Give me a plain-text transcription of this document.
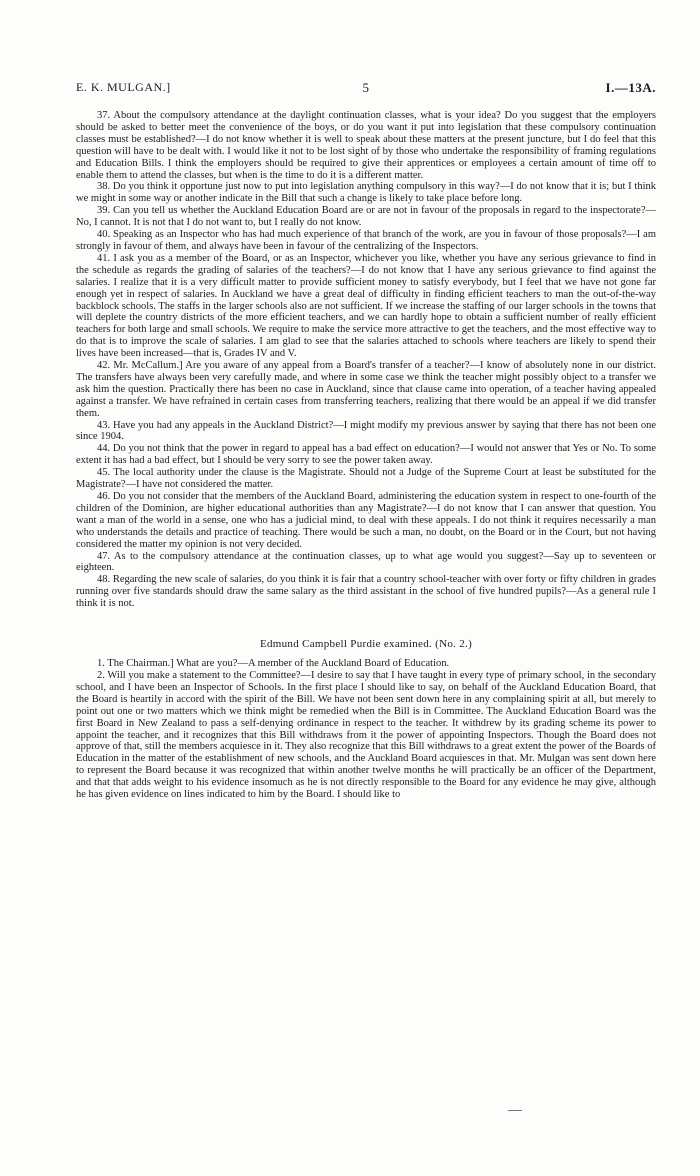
E. K. MULGAN.]	5	I.—13A.

37. About the compulsory attendance at the daylight continuation classes, what is your idea? Do you suggest that the employers should be asked to better meet the convenience of the boys, or do you want it put into legislation that these compulsory continuation classes must be established?—I do not know whether it is well to speak about these matters at the present juncture, but I do feel that this question will have to be dealt with. I would like it not to be lost sight of by those who undertake the responsibility of framing regulations and Education Bills. I think the employers should be required to give their apprentices or employees a certain amount of time off to enable them to attend the classes, but when is the time to do it is a different matter.

38. Do you think it opportune just now to put into legislation anything compulsory in this way?—I do not know that it is; but I think we might in some way or another indicate in the Bill that such a change is likely to take place before long.

39. Can you tell us whether the Auckland Education Board are or are not in favour of the proposals in regard to the inspectorate?—No, I cannot. It is not that I do not want to, but I really do not know.

40. Speaking as an Inspector who has had much experience of that branch of the work, are you in favour of those proposals?—I am strongly in favour of them, and always have been in favour of the centralizing of the Inspectors.

41. I ask you as a member of the Board, or as an Inspector, whichever you like, whether you have any serious grievance to find in the schedule as regards the grading of salaries of the teachers?—I do not know that I have any serious grievance to find against the salaries. I realize that it is a very difficult matter to provide sufficient money to satisfy everybody, but I feel that we have not gone far enough yet in respect of salaries. In Auckland we have a great deal of difficulty in finding efficient teachers to man the out-of-the-way backblock schools. The staffs in the larger schools also are not sufficient. If we increase the staffing of our larger schools in the towns that will deplete the country districts of the more efficient teachers, and we can hardly hope to obtain a sufficient number of really efficient teachers for both large and small schools. We require to make the service more attractive to get the teachers, and the most effective way to do that is to improve the scale of salaries. I am glad to see that the salaries attached to schools where teachers are likely to spend their lives have been increased—that is, Grades IV and V.

42. Mr. McCallum.] Are you aware of any appeal from a Board's transfer of a teacher?—I know of absolutely none in our district. The transfers have always been very carefully made, and where in some case we think the teacher might possibly object to a transfer we ask him the question. Practically there has been no case in Auckland, since that clause came into operation, of a teacher having appealed against a transfer. We have refrained in certain cases from transferring teachers, realizing that there would be an appeal if we did transfer them.

43. Have you had any appeals in the Auckland District?—I might modify my previous answer by saying that there has not been one since 1904.

44. Do you not think that the power in regard to appeal has a bad effect on education?—I would not answer that Yes or No. To some extent it has had a bad effect, but I should be very sorry to see the power taken away.

45. The local authority under the clause is the Magistrate. Should not a Judge of the Supreme Court at least be substituted for the Magistrate?—I have not considered the matter.

46. Do you not consider that the members of the Auckland Board, administering the education system in respect to one-fourth of the children of the Dominion, are higher educational authorities than any Magistrate?—I do not know that I can answer that question. You want a man of the world in a sense, one who has a judicial mind, to deal with these appeals. I do not think it requires necessarily a man who understands the details and practice of teaching. There would be such a man, no doubt, on the Board or in the Court, but not having considered the matter my opinion is not very decided.

47. As to the compulsory attendance at the continuation classes, up to what age would you suggest?—Say up to seventeen or eighteen.

48. Regarding the new scale of salaries, do you think it is fair that a country school-teacher with over forty or fifty children in grades running over five standards should draw the same salary as the third assistant in the school of five hundred pupils?—As a general rule I think it is not.

Edmund Campbell Purdie examined. (No. 2.)

1. The Chairman.] What are you?—A member of the Auckland Board of Education.

2. Will you make a statement to the Committee?—I desire to say that I have taught in every type of primary school, in the secondary school, and I have been an Inspector of Schools. In the first place I should like to say, on behalf of the Auckland Education Board, that the Board is heartily in accord with the spirit of the Bill. We have not been sent down here in any complaining spirit at all, but merely to point out one or two matters which we think might be remedied when the Bill is in Committee. The Auckland Education Board was the first Board in New Zealand to pass a self-denying ordinance in respect to the teacher. It withdrew by its grading scheme its power to appoint the teacher, and it recognizes that this Bill withdraws from it the power of appointing Inspectors. Though the Board does not approve of that, still the members acquiesce in it. They also recognize that this Bill withdraws to a great extent the power of the Boards of Education in the matter of the establishment of new schools, and the Auckland Board acquiesces in that. Mr. Mulgan was sent down here to represent the Board because it was recognized that within another twelve months he will practically be an officer of the Department, and that that adds weight to his evidence insomuch as he is not directly responsible to the Board for any evidence he may give, although he has given evidence on lines indicated to him by the Board. I should like to
